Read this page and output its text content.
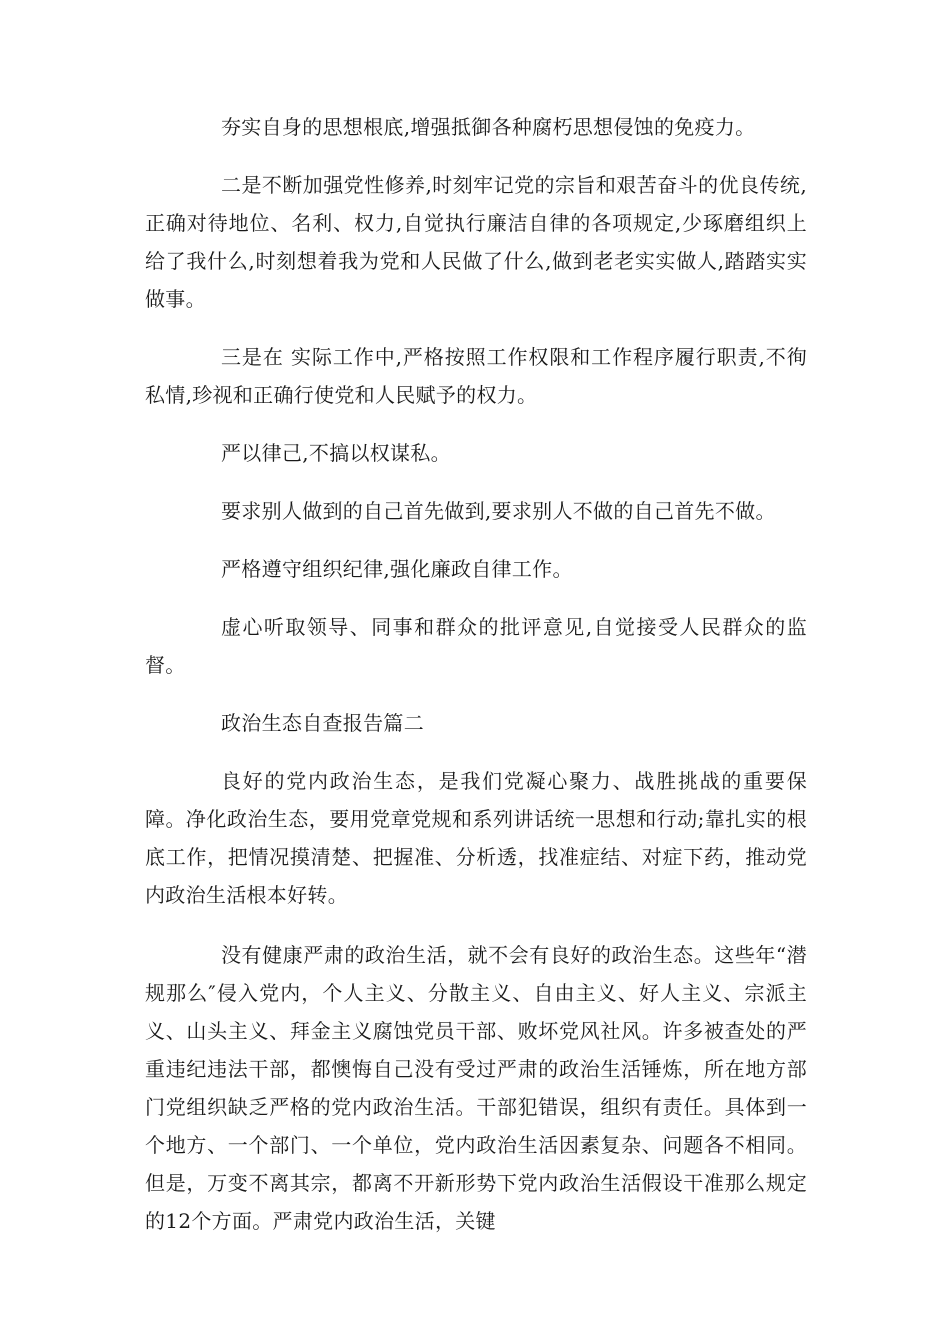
夯实自身的思想根底,增强抵御各种腐朽思想侵蚀的免疫力。

二是不断加强党性修养,时刻牢记党的宗旨和艰苦奋斗的优良传统,正确对待地位、名利、权力,自觉执行廉洁自律的各项规定,少琢磨组织上给了我什么,时刻想着我为党和人民做了什么,做到老老实实做人,踏踏实实做事。

三是在 实际工作中,严格按照工作权限和工作程序履行职责,不徇私情,珍视和正确行使党和人民赋予的权力。

严以律己,不搞以权谋私。

要求别人做到的自己首先做到,要求别人不做的自己首先不做。

严格遵守组织纪律,强化廉政自律工作。

虚心听取领导、同事和群众的批评意见,自觉接受人民群众的监督。

政治生态自查报告篇二

良好的党内政治生态，是我们党凝心聚力、战胜挑战的重要保障。净化政治生态，要用党章党规和系列讲话统一思想和行动;靠扎实的根底工作，把情况摸清楚、把握准、分析透，找准症结、对症下药，推动党内政治生活根本好转。

没有健康严肃的政治生活，就不会有良好的政治生态。这些年“潜规那么″侵入党内，个人主义、分散主义、自由主义、好人主义、宗派主义、山头主义、拜金主义腐蚀党员干部、败坏党风社风。许多被查处的严重违纪违法干部，都懊悔自己没有受过严肃的政治生活锤炼，所在地方部门党组织缺乏严格的党内政治生活。干部犯错误，组织有责任。具体到一个地方、一个部门、一个单位，党内政治生活因素复杂、问题各不相同。但是，万变不离其宗，都离不开新形势下党内政治生活假设干准那么规定的12个方面。严肃党内政治生活，关键
